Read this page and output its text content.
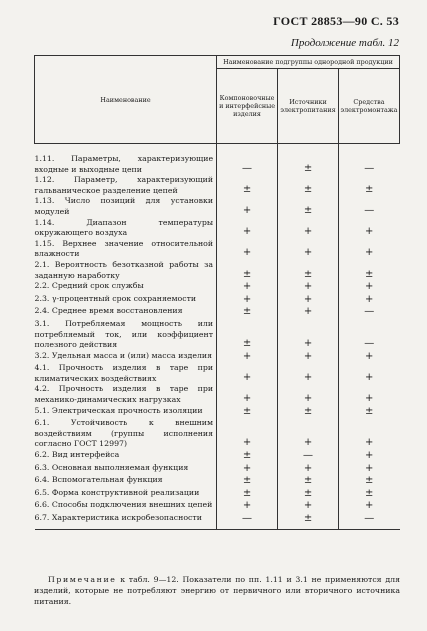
ГОСТ 28853—90 С. 53
Продолжение табл. 12
Наименование	Наименование подгруппы однородной продукции		
	Компоновочные и интерфейсные изделия	Источники электропитания	Средства электромонтажа
1.11. Параметры, характеризующие входные и выходные цепи	—	±	—
1.12. Параметр, характеризующий гальваническое разделение цепей	±	±	±
1.13. Число позиций для установки модулей	+	±	—
1.14. Диапазон температуры окружающего воздуха	+	+	+
1.15. Верхнее значение относительной влажности	+	+	+
2.1. Вероятность безотказной работы за заданную наработку	±	±	±
2.2. Средний срок службы	+	+	+
2.3. γ-процентный срок сохраняемости	+	+	+
2.4. Среднее время восстановления	±	+	—
3.1. Потребляемая мощность или потребляемый ток, или коэффициент полезного действия	±	+	—
3.2. Удельная масса и (или) масса изделия	+	+	+
4.1. Прочность изделия в таре при климатических воздействиях	+	+	+
4.2. Прочность изделия в таре при механико-динамических нагрузках	+	+	+
5.1. Электрическая прочность изоляции	±	±	±
6.1. Устойчивость к внешним воздействиям (группы исполнения согласно ГОСТ 12997)	+	+	+
6.2. Вид интерфейса	±	—	+
6.3. Основная выполняемая функция	+	+	+
6.4. Вспомогательная функция	±	±	±
6.5. Форма конструктивной реализации	±	±	±
6.6. Способы подключения внешних цепей	+	+	+
6.7. Характеристика искробезопасности	—	±	—
Примечание к табл. 9—12. Показатели по пп. 1.11 и 3.1 не применяются для изделий, которые не потребляют энергию от первичного или вторичного источника питания.
